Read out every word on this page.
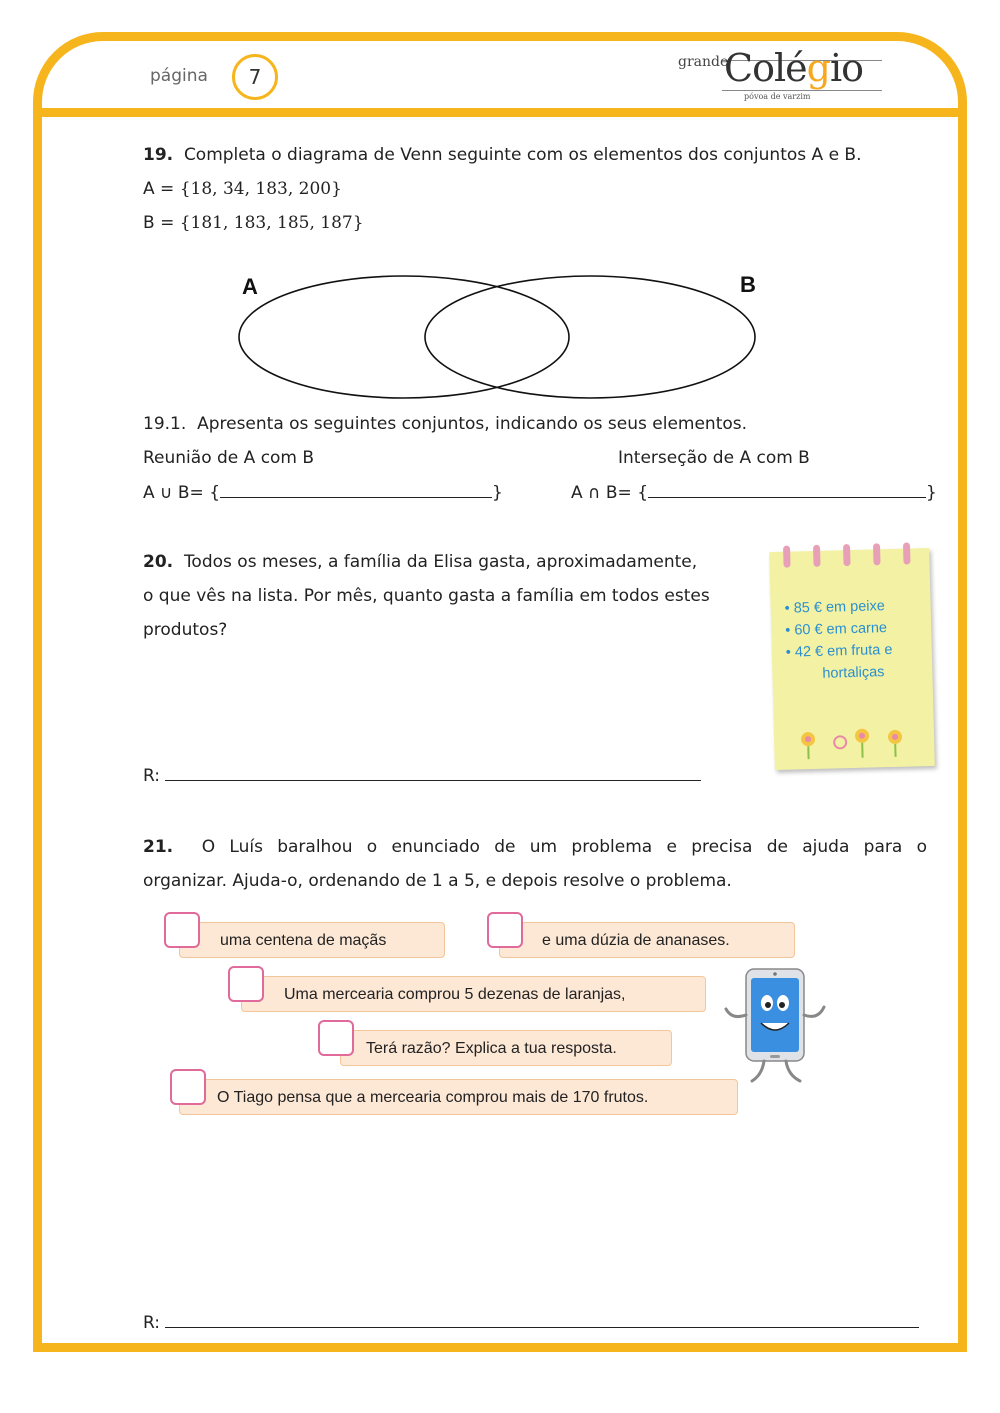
página	7
grande
Colégio
póvoa de varzim
19. Completa o diagrama de Venn seguinte com os elementos dos conjuntos A e B.
A = {18, 34, 183, 200}
B = {181, 183, 185, 187}
A	B
19.1. Apresenta os seguintes conjuntos, indicando os seus elementos.
Reunião de A com B	Interseção de A com B
A ∪ B= {	}	A ∩ B= {	}
20. Todos os meses, a família da Elisa gasta, aproximadamente,
o que vês na lista. Por mês, quanto gasta a família em todos estes
produtos?
R:
• 85 € em peixe
• 60 € em carne
• 42 € em fruta e
hortaliças
21. O Luís baralhou o enunciado de um problema e precisa de ajuda para o
organizar. Ajuda-o, ordenando de 1 a 5, e depois resolve o problema.
uma centena de maçãs	e uma dúzia de ananases.
Uma mercearia comprou 5 dezenas de laranjas,
Terá razão? Explica a tua resposta.
O Tiago pensa que a mercearia comprou mais de 170 frutos.
R:
